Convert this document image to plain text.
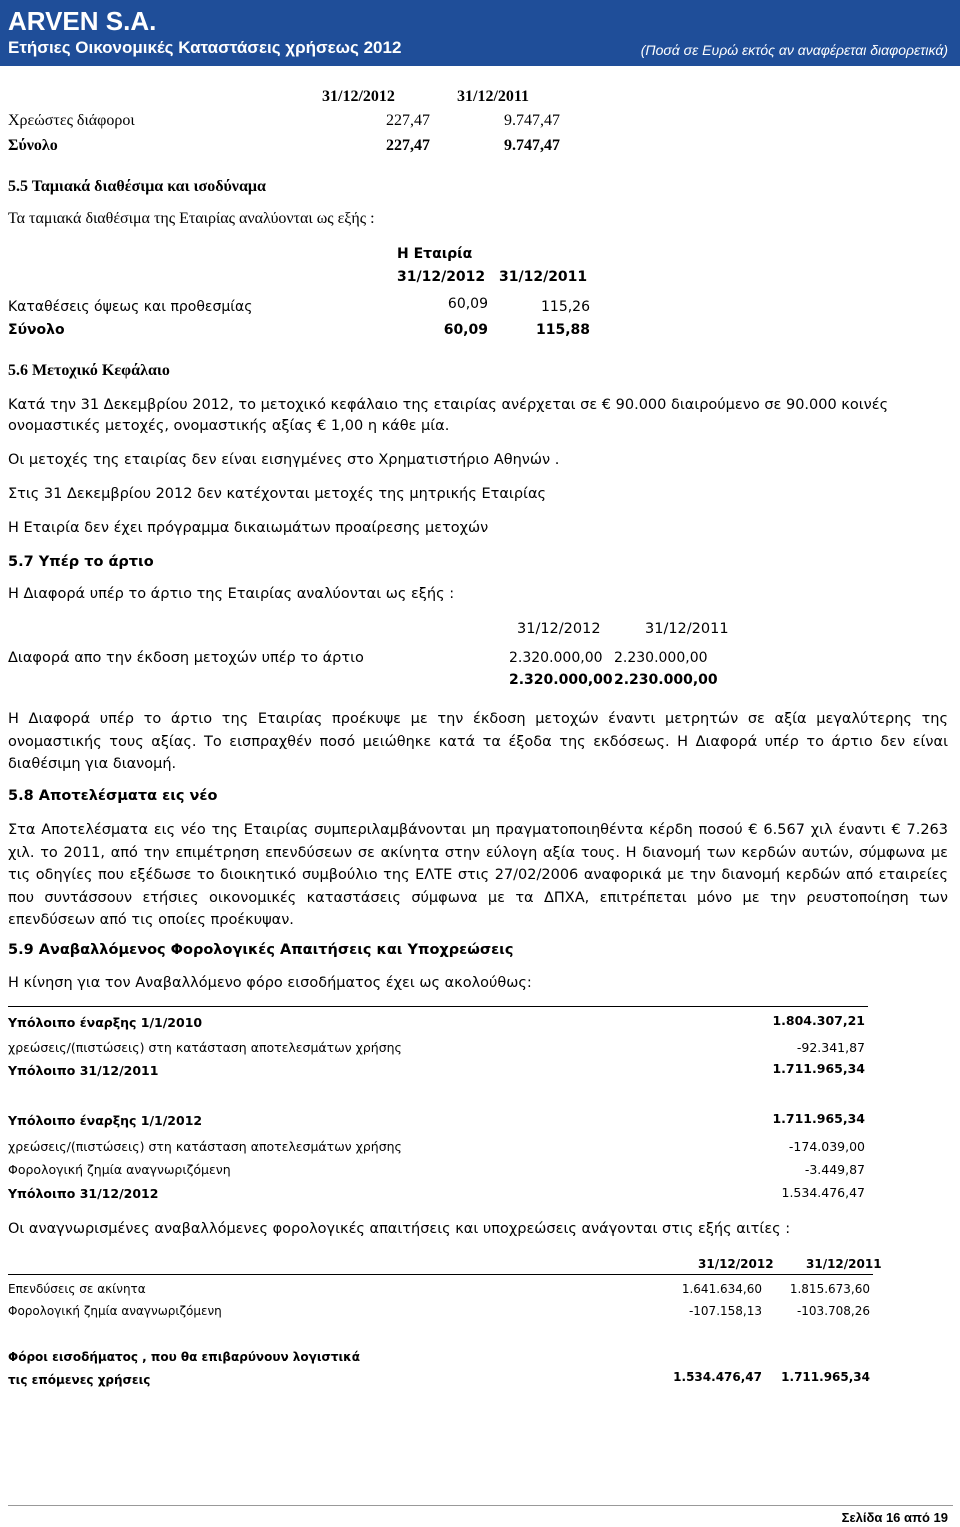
ARVEN S.A.
Ετήσιες Οικονομικές Καταστάσεις χρήσεως 2012	(Ποσά σε Ευρώ εκτός αν αναφέρεται διαφορετικά)
31/12/2012	31/12/2011
Χρεώστες διάφοροι	227,47	9.747,47
Σύνολο	227,47	9.747,47
5.5 Ταμιακά διαθέσιμα και ισοδύναμα
Τα ταμιακά διαθέσιμα της Εταιρίας αναλύονται ως εξής :
Η Εταιρία
31/12/2012 31/12/2011
Καταθέσεις όψεως και προθεσμίας	60,09	115,26
Σύνολο	60,09	115,88
5.6 Μετοχικό Κεφάλαιο
Κατά την 31 Δεκεμβρίου 2012, το μετοχικό κεφάλαιο της εταιρίας ανέρχεται σε € 90.000 διαιρούμενο σε 90.000 κοινές
ονομαστικές μετοχές, ονομαστικής αξίας € 1,00 η κάθε μία.
Οι μετοχές της εταιρίας δεν είναι εισηγμένες στο Χρηματιστήριο Αθηνών .
Στις 31 Δεκεμβρίου 2012 δεν κατέχονται μετοχές της μητρικής Εταιρίας
Η Εταιρία δεν έχει πρόγραμμα δικαιωμάτων προαίρεσης μετοχών
5.7 Υπέρ το άρτιο
Η Διαφορά υπέρ το άρτιο της Εταιρίας αναλύονται ως εξής :
31/12/2012	31/12/2011
Διαφορά απο την έκδοση μετοχών υπέρ το άρτιο	2.320.000,00 2.230.000,00
2.320.000,00 2.230.000,00
Η Διαφορά υπέρ το άρτιο της Εταιρίας προέκυψε με την έκδοση μετοχών έναντι μετρητών σε αξία μεγαλύτερης της ονομαστικής τους αξίας. Το εισπραχθέν ποσό μειώθηκε κατά τα έξοδα της εκδόσεως. Η Διαφορά υπέρ το άρτιο δεν είναι διαθέσιμη για διανομή.
5.8 Αποτελέσματα εις νέο
Στα Αποτελέσματα εις νέο της Εταιρίας συμπεριλαμβάνονται μη πραγματοποιηθέντα κέρδη ποσού € 6.567 χιλ έναντι € 7.263 χιλ. το 2011, από την επιμέτρηση επενδύσεων σε ακίνητα στην εύλογη αξία τους. Η διανομή των κερδών αυτών, σύμφωνα με τις οδηγίες που εξέδωσε το διοικητικό συμβούλιο της ΕΛΤΕ στις 27/02/2006 αναφορικά με την διανομή κερδών από εταιρείες που συντάσσουν ετήσιες οικονομικές καταστάσεις σύμφωνα με τα ΔΠΧΑ, επιτρέπεται μόνο με την ρευστοποίηση των επενδύσεων από τις οποίες προέκυψαν.
5.9 Αναβαλλόμενος Φορολογικές Απαιτήσεις και Υποχρεώσεις
Η κίνηση για τον Αναβαλλόμενο φόρο εισοδήματος έχει ως ακολούθως:
Υπόλοιπο έναρξης 1/1/2010	1.804.307,21
χρεώσεις/(πιστώσεις) στη κατάσταση αποτελεσμάτων χρήσης	-92.341,87
Υπόλοιπο 31/12/2011	1.711.965,34
Υπόλοιπο έναρξης 1/1/2012	1.711.965,34
χρεώσεις/(πιστώσεις) στη κατάσταση αποτελεσμάτων χρήσης	-174.039,00
Φορολογική ζημία αναγνωριζόμενη	-3.449,87
Υπόλοιπο 31/12/2012	1.534.476,47
Οι αναγνωρισμένες αναβαλλόμενες φορολογικές απαιτήσεις και υποχρεώσεις ανάγονται στις εξής αιτίες :
31/12/2012	31/12/2011
Επενδύσεις σε ακίνητα	1.641.634,60	1.815.673,60
Φορολογική ζημία αναγνωριζόμενη	-107.158,13	-103.708,26
Φόροι εισοδήματος , που θα επιβαρύνουν λογιστικά
τις επόμενες χρήσεις	1.534.476,47	1.711.965,34
Σελίδα 16 από 19
